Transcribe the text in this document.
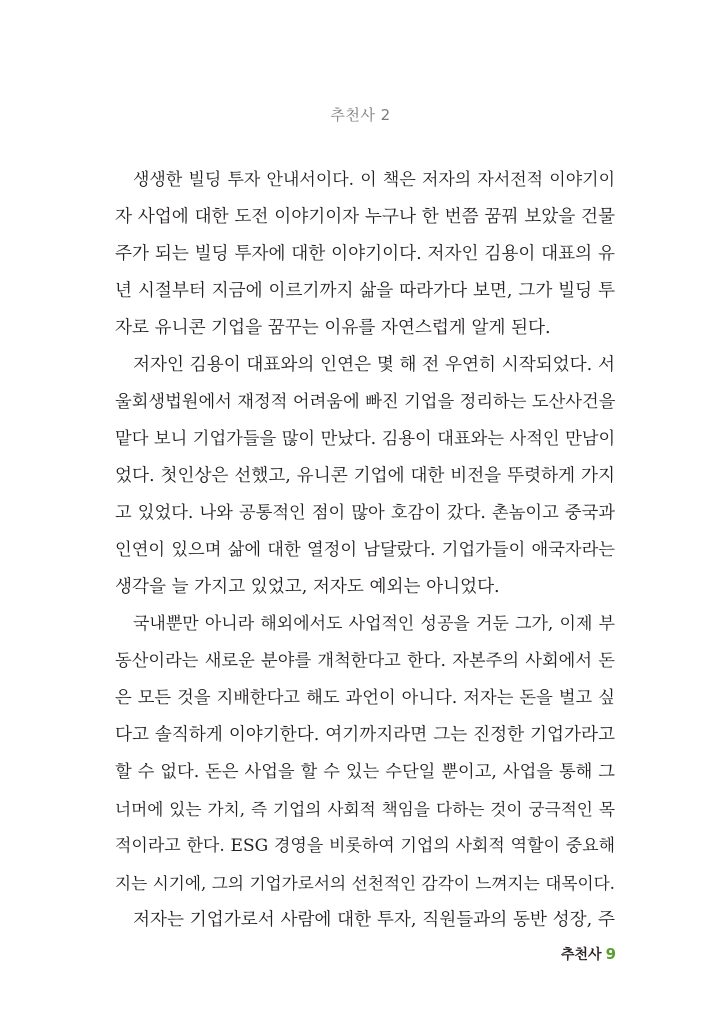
추천사 2
생생한 빌딩 투자 안내서이다. 이 책은 저자의 자서전적 이야기이
자 사업에 대한 도전 이야기이자 누구나 한 번쯤 꿈꿔 보았을 건물
주가 되는 빌딩 투자에 대한 이야기이다. 저자인 김용이 대표의 유
년 시절부터 지금에 이르기까지 삶을 따라가다 보면, 그가 빌딩 투
자로 유니콘 기업을 꿈꾸는 이유를 자연스럽게 알게 된다.
저자인 김용이 대표와의 인연은 몇 해 전 우연히 시작되었다. 서
울회생법원에서 재정적 어려움에 빠진 기업을 정리하는 도산사건을
맡다 보니 기업가들을 많이 만났다. 김용이 대표와는 사적인 만남이
었다. 첫인상은 선했고, 유니콘 기업에 대한 비전을 뚜렷하게 가지
고 있었다. 나와 공통적인 점이 많아 호감이 갔다. 촌놈이고 중국과
인연이 있으며 삶에 대한 열정이 남달랐다. 기업가들이 애국자라는
생각을 늘 가지고 있었고, 저자도 예외는 아니었다.
국내뿐만 아니라 해외에서도 사업적인 성공을 거둔 그가, 이제 부
동산이라는 새로운 분야를 개척한다고 한다. 자본주의 사회에서 돈
은 모든 것을 지배한다고 해도 과언이 아니다. 저자는 돈을 벌고 싶
다고 솔직하게 이야기한다. 여기까지라면 그는 진정한 기업가라고
할 수 없다. 돈은 사업을 할 수 있는 수단일 뿐이고, 사업을 통해 그
너머에 있는 가치, 즉 기업의 사회적 책임을 다하는 것이 궁극적인 목
적이라고 한다. ESG 경영을 비롯하여 기업의 사회적 역할이 중요해
지는 시기에, 그의 기업가로서의 선천적인 감각이 느껴지는 대목이다.
저자는 기업가로서 사람에 대한 투자, 직원들과의 동반 성장, 주
추천사 9
